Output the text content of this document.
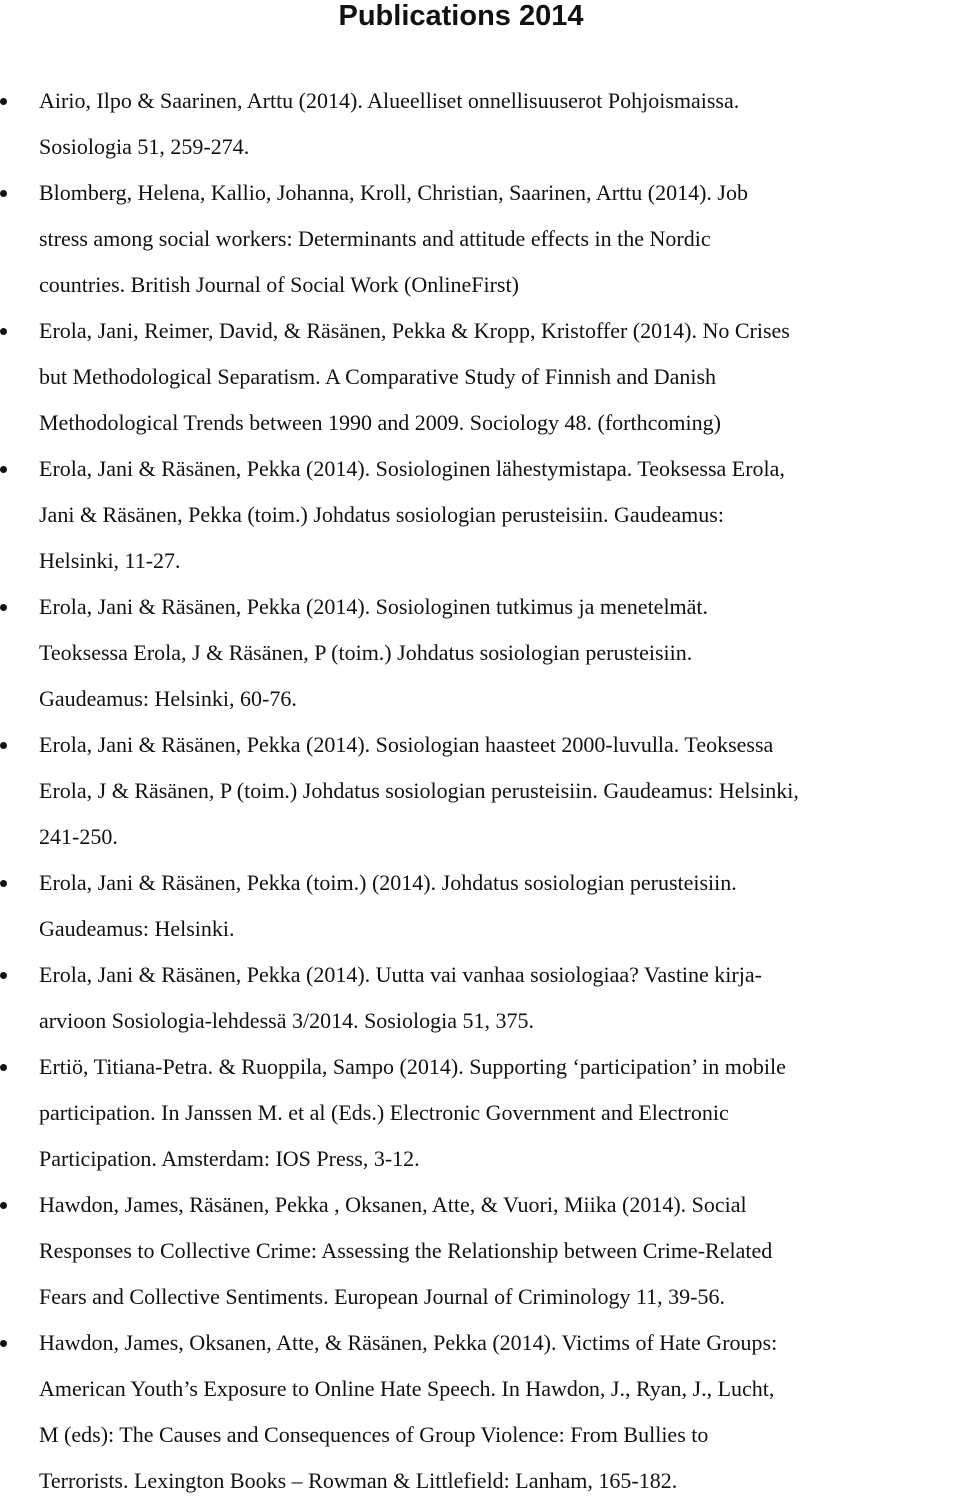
Publications 2014
Airio, Ilpo & Saarinen, Arttu (2014). Alueelliset onnellisuuserot Pohjoismaissa.
Sosiologia 51, 259-274.
Blomberg, Helena, Kallio, Johanna, Kroll, Christian, Saarinen, Arttu (2014). Job
stress among social workers: Determinants and attitude effects in the Nordic
countries. British Journal of Social Work (OnlineFirst)
Erola, Jani, Reimer, David, & Räsänen, Pekka & Kropp, Kristoffer (2014). No Crises
but Methodological Separatism. A Comparative Study of Finnish and Danish
Methodological Trends between 1990 and 2009. Sociology 48. (forthcoming)
Erola, Jani & Räsänen, Pekka (2014). Sosiologinen lähestymistapa. Teoksessa Erola,
Jani & Räsänen, Pekka (toim.) Johdatus sosiologian perusteisiin. Gaudeamus:
Helsinki, 11-27.
Erola, Jani & Räsänen, Pekka (2014). Sosiologinen tutkimus ja menetelmät.
Teoksessa Erola, J & Räsänen, P (toim.) Johdatus sosiologian perusteisiin.
Gaudeamus: Helsinki, 60-76.
Erola, Jani & Räsänen, Pekka (2014). Sosiologian haasteet 2000-luvulla. Teoksessa
Erola, J & Räsänen, P (toim.) Johdatus sosiologian perusteisiin. Gaudeamus: Helsinki,
241-250.
Erola, Jani & Räsänen, Pekka (toim.) (2014). Johdatus sosiologian perusteisiin.
Gaudeamus: Helsinki.
Erola, Jani & Räsänen, Pekka (2014). Uutta vai vanhaa sosiologiaa? Vastine kirja-
arvioon Sosiologia-lehdessä 3/2014. Sosiologia 51, 375.
Ertiö, Titiana-Petra. & Ruoppila, Sampo (2014). Supporting ‘participation’ in mobile
participation. In Janssen M. et al (Eds.) Electronic Government and Electronic
Participation. Amsterdam: IOS Press, 3-12.
Hawdon, James, Räsänen, Pekka , Oksanen, Atte, & Vuori, Miika (2014). Social
Responses to Collective Crime: Assessing the Relationship between Crime-Related
Fears and Collective Sentiments. European Journal of Criminology 11, 39-56.
Hawdon, James, Oksanen, Atte, & Räsänen, Pekka (2014). Victims of Hate Groups:
American Youth’s Exposure to Online Hate Speech. In Hawdon, J., Ryan, J., Lucht,
M (eds): The Causes and Consequences of Group Violence: From Bullies to
Terrorists. Lexington Books – Rowman & Littlefield: Lanham, 165-182.
